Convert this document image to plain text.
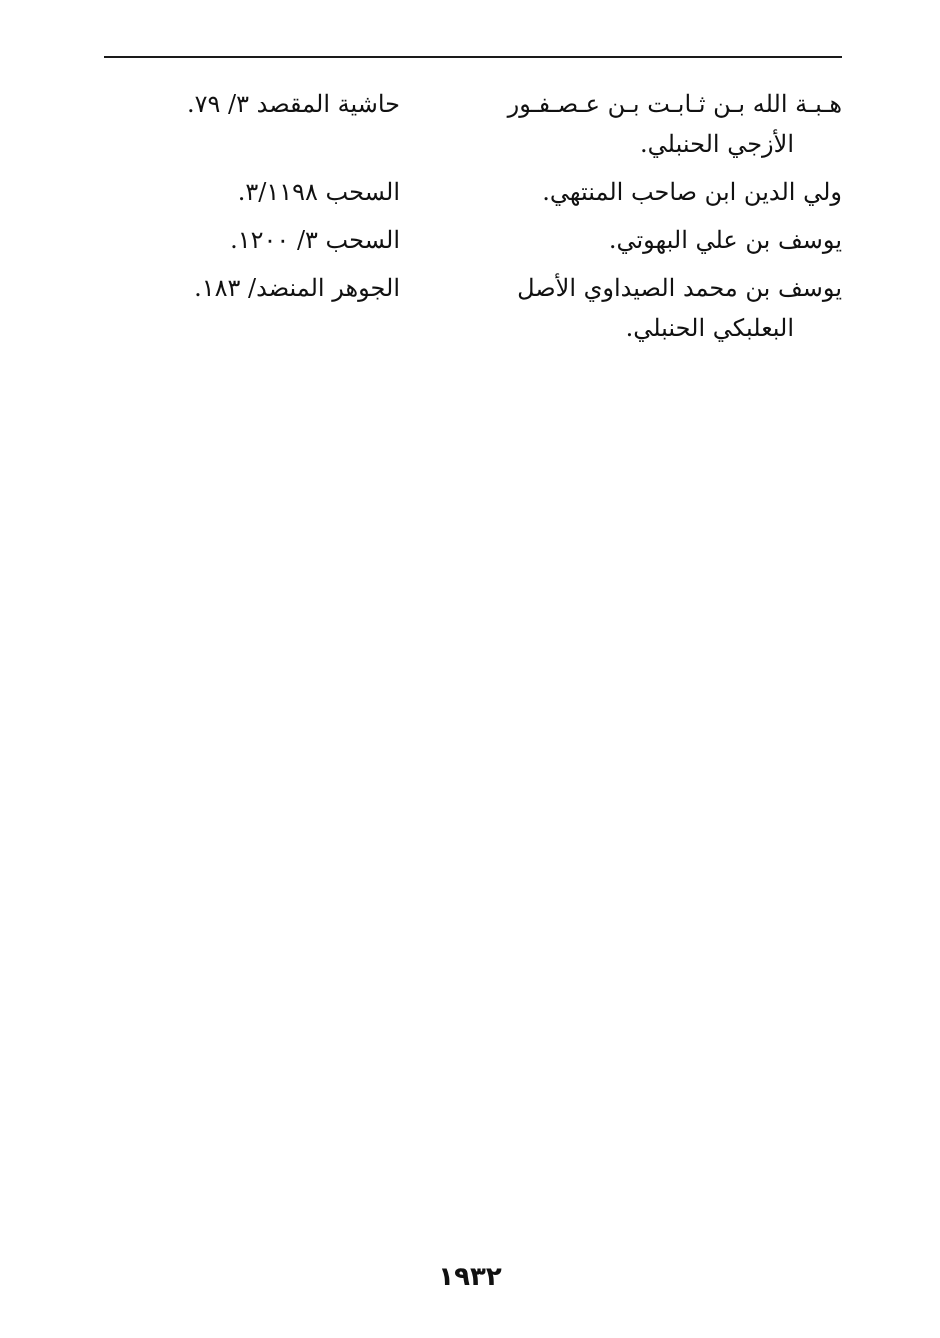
هـبـة الله بـن ثـابـت بـن عـصـفـور
الأزجي الحنبلي.
حاشية المقصد ٣/ ٧٩.
ولي الدين ابن صاحب المنتهي.
السحب ٣/١١٩٨.
يوسف بن علي البهوتي.
السحب ٣/ ١٢٠٠.
يوسف بن محمد الصيداوي الأصل
البعلبكي الحنبلي.
الجوهر المنضد/ ١٨٣.
١٩٣٢
